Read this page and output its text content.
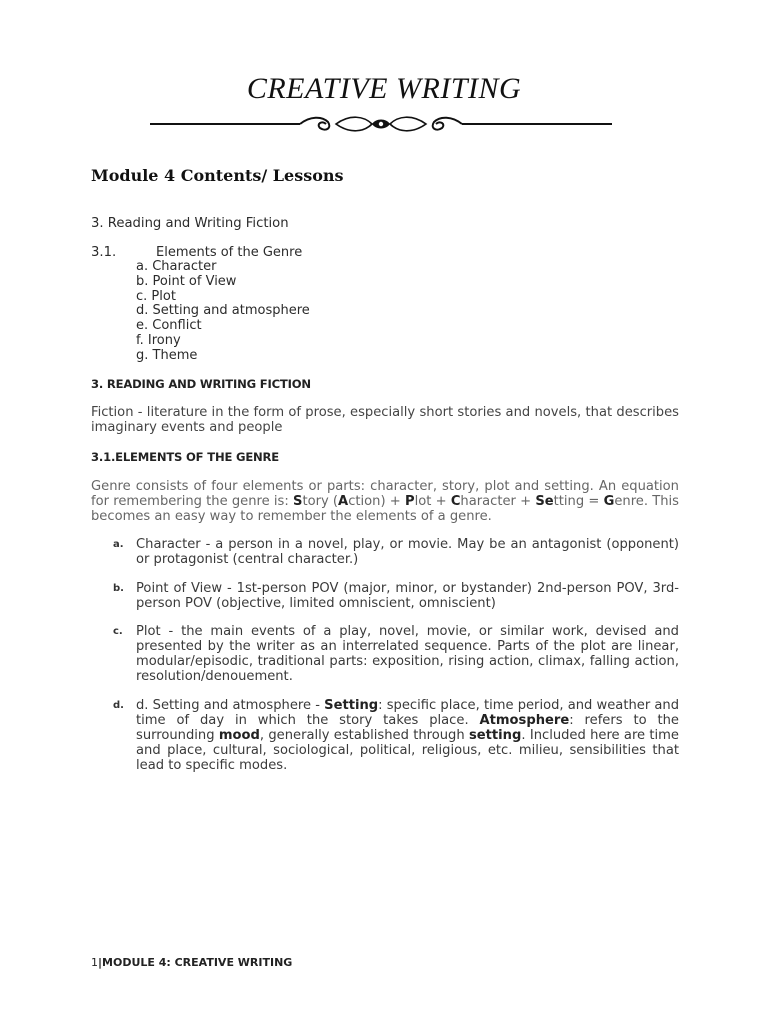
CREATIVE WRITING
Module 4 Contents/ Lessons
3. Reading and Writing Fiction
3.1.	Elements of the Genre
a. Character
b. Point of View
c. Plot
d. Setting and atmosphere
e. Conflict
f. Irony
g. Theme
3. READING AND WRITING FICTION
Fiction - literature in the form of prose, especially short stories and novels, that describes imaginary events and people
3.1.ELEMENTS OF THE GENRE
Genre consists of four elements or parts: character, story, plot and setting. An equation for remembering the genre is: Story (Action) + Plot + Character + Setting = Genre. This becomes an easy way to remember the elements of a genre.
a. Character - a person in a novel, play, or movie. May be an antagonist (opponent) or protagonist (central character.)
b. Point of View - 1st-person POV (major, minor, or bystander) 2nd-person POV, 3rd- person POV (objective, limited omniscient, omniscient)
c. Plot - the main events of a play, novel, movie, or similar work, devised and presented by the writer as an interrelated sequence. Parts of the plot are linear, modular/episodic, traditional parts: exposition, rising action, climax, falling action, resolution/denouement.
d. d. Setting and atmosphere - Setting: specific place, time period, and weather and time of day in which the story takes place. Atmosphere: refers to the surrounding mood, generally established through setting. Included here are time and place, cultural, sociological, political, religious, etc. milieu, sensibilities that lead to specific modes.
1|MODULE 4: CREATIVE WRITING
